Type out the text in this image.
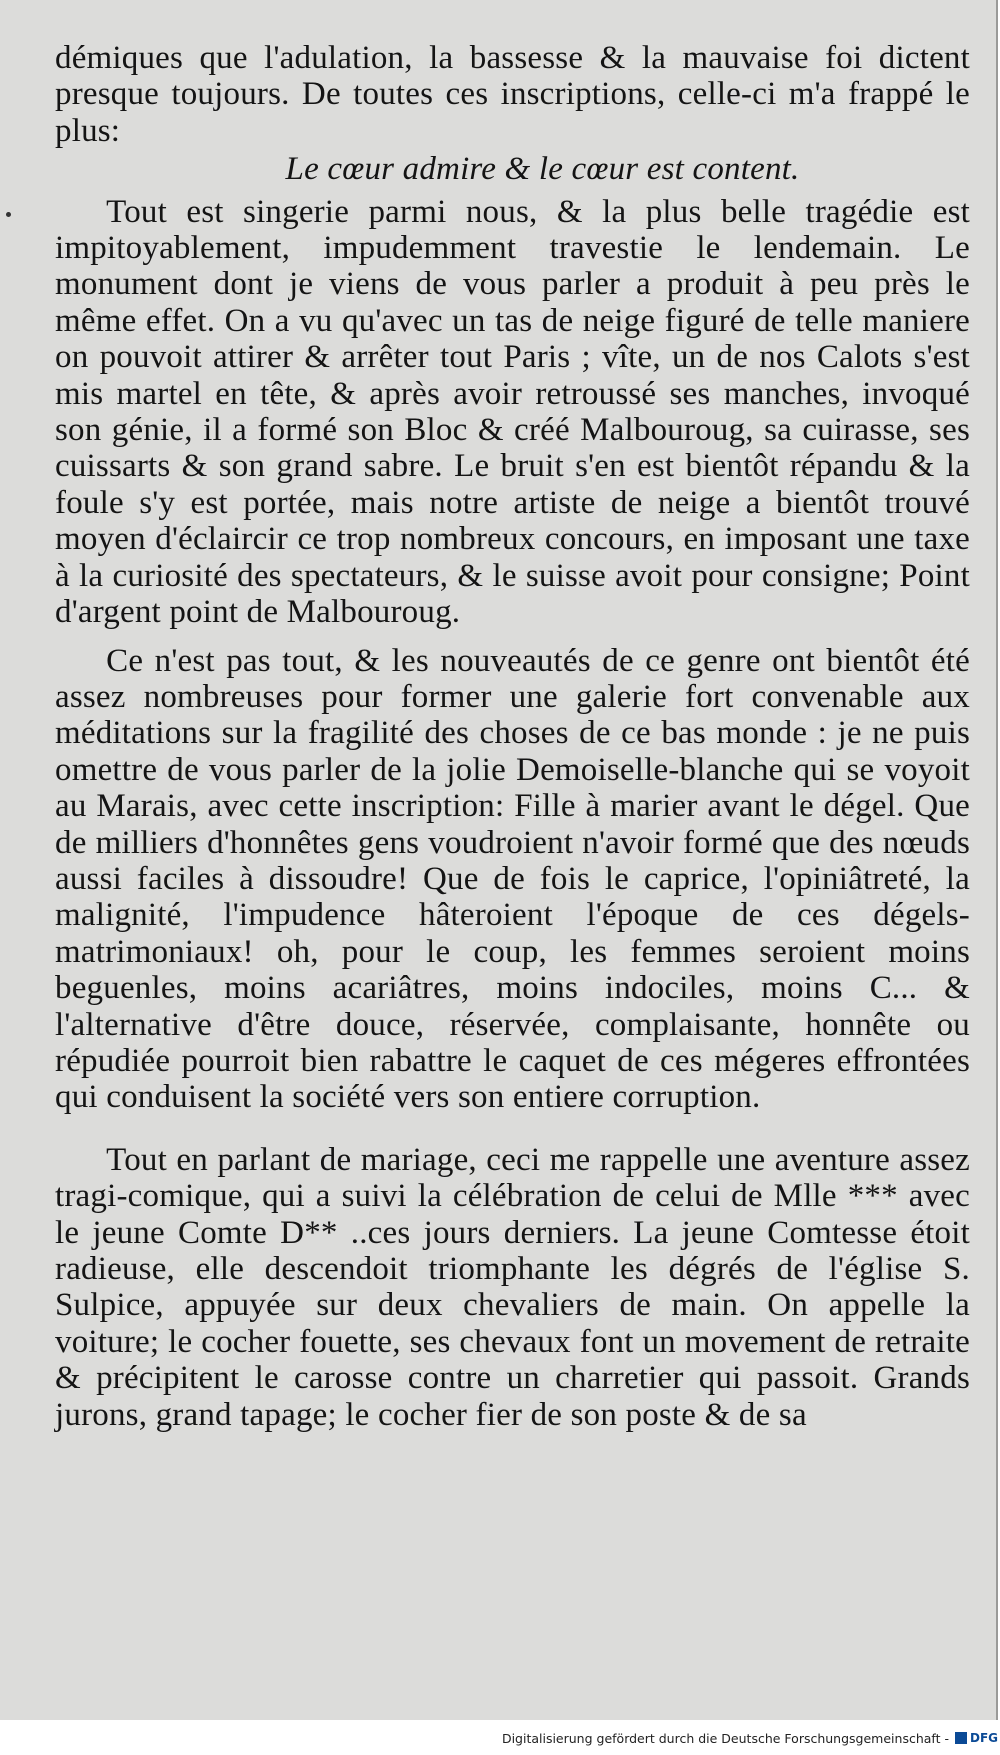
démiques que l'adulation, la bassesse & la mauvaise foi dictent presque toujours. De toutes ces inscriptions, celle-ci m'a frappé le plus:

Le cœur admire & le cœur est content.

Tout est singerie parmi nous, & la plus belle tragédie est impitoyablement, impudemment travestie le lendemain. Le monument dont je viens de vous parler a produit à peu près le même effet. On a vu qu'avec un tas de neige figuré de telle maniere on pouvoit attirer & arrêter tout Paris ; vîte, un de nos Calots s'est mis martel en tête, & après avoir retroussé ses manches, invoqué son génie, il a formé son Bloc & créé Malbouroug, sa cuirasse, ses cuissarts & son grand sabre. Le bruit s'en est bientôt répandu & la foule s'y est portée, mais notre artiste de neige a bientôt trouvé moyen d'éclaircir ce trop nombreux concours, en imposant une taxe à la curiosité des spectateurs, & le suisse avoit pour consigne; Point d'argent point de Malbouroug.

Ce n'est pas tout, & les nouveautés de ce genre ont bientôt été assez nombreuses pour former une galerie fort convenable aux méditations sur la fragilité des choses de ce bas monde : je ne puis omettre de vous parler de la jolie Demoiselle-blanche qui se voyoit au Marais, avec cette inscription: Fille à marier avant le dégel. Que de milliers d'honnêtes gens voudroient n'avoir formé que des nœuds aussi faciles à dissoudre! Que de fois le caprice, l'opiniâtreté, la malignité, l'impudence hâteroient l'époque de ces dégels-matrimoniaux! oh, pour le coup, les femmes seroient moins beguenles, moins acariâtres, moins indociles, moins C... & l'alternative d'être douce, réservée, complaisante, honnête ou répudiée pourroit bien rabattre le caquet de ces mégeres effrontées qui conduisent la société vers son entiere corruption.

Tout en parlant de mariage, ceci me rappelle une aventure assez tragi-comique, qui a suivi la célébration de celui de Mlle *** avec le jeune Comte D** ..ces jours derniers. La jeune Comtesse étoit radieuse, elle descendoit triomphante les dégrés de l'église S. Sulpice, appuyée sur deux chevaliers de main. On appelle la voiture; le cocher fouette, ses chevaux font un movement de retraite & précipitent le carosse contre un charretier qui passoit. Grands jurons, grand tapage; le cocher fier de son poste & de sa

Digitalisierung gefördert durch die Deutsche Forschungsgemeinschaft - DFG
